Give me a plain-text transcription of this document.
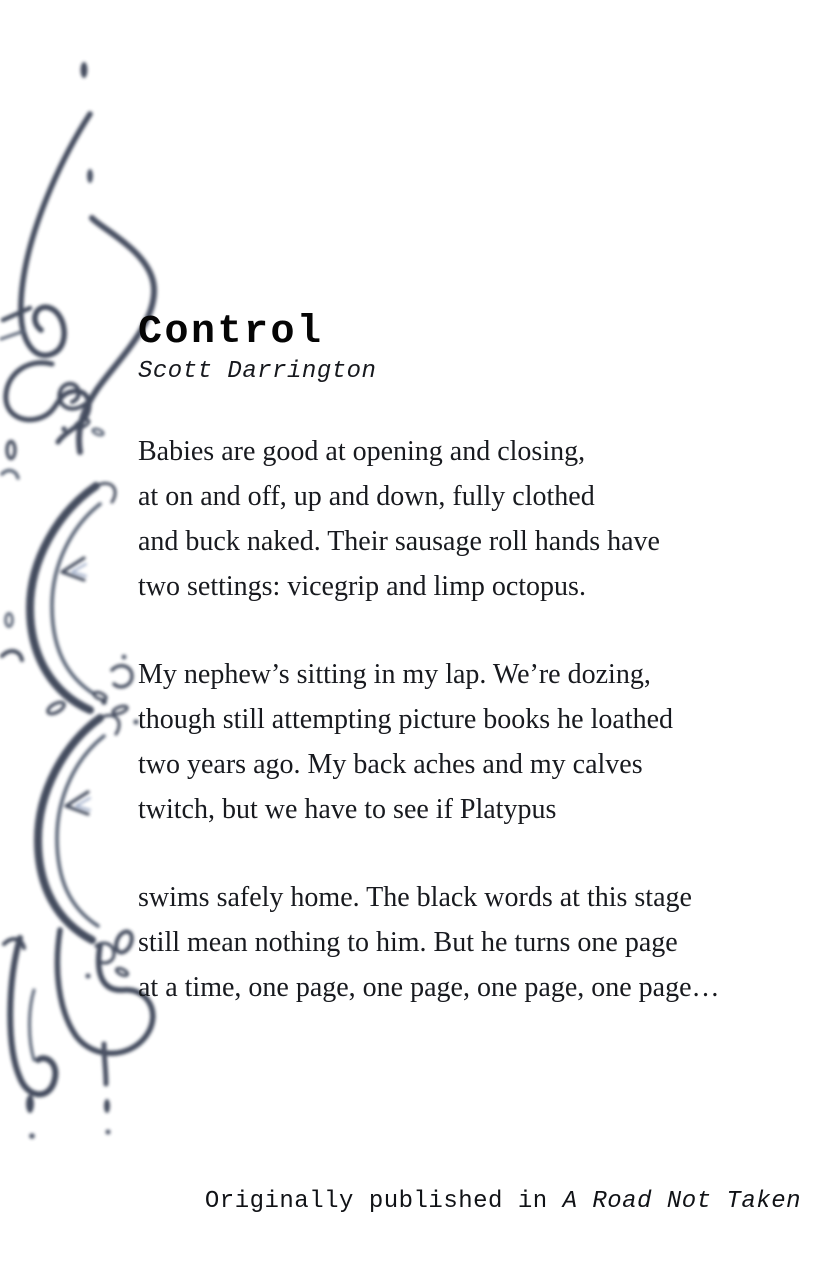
Control
Scott Darrington
Babies are good at opening and closing,
at on and off, up and down, fully clothed
and buck naked. Their sausage roll hands have
two settings: vicegrip and limp octopus.
My nephew’s sitting in my lap. We’re dozing,
though still attempting picture books he loathed
two years ago. My back aches and my calves
twitch, but we have to see if Platypus
swims safely home. The black words at this stage
still mean nothing to him. But he turns one page
at a time, one page, one page, one page, one page…
Originally published in A Road Not Taken
